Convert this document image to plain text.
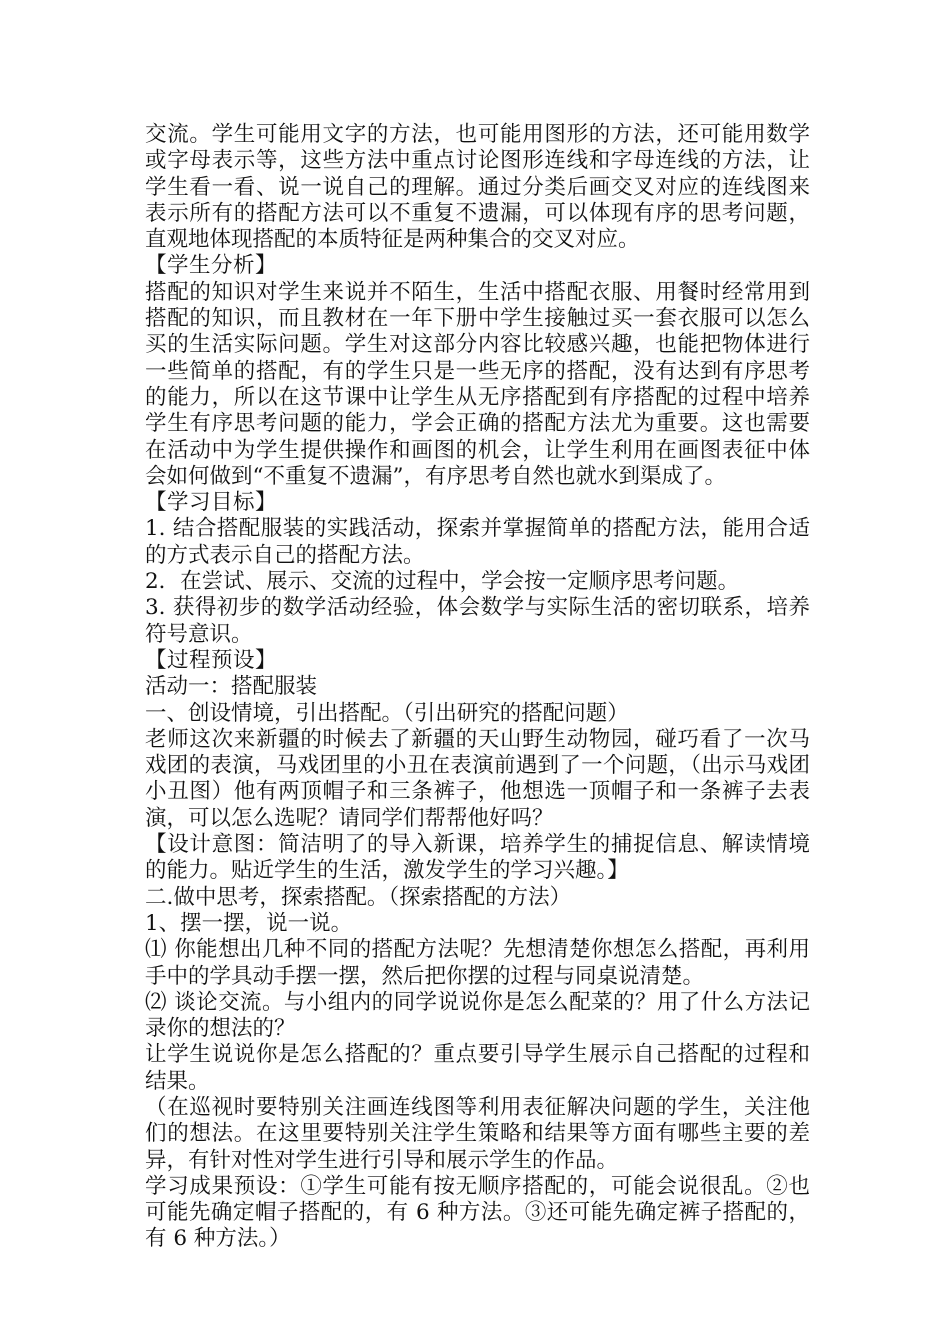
交流。学生可能用文字的方法，也可能用图形的方法，还可能用数学或字母表示等，这些方法中重点讨论图形连线和字母连线的方法，让学生看一看、说一说自己的理解。通过分类后画交叉对应的连线图来表示所有的搭配方法可以不重复不遗漏，可以体现有序的思考问题，直观地体现搭配的本质特征是两种集合的交叉对应。

【学生分析】

搭配的知识对学生来说并不陌生，生活中搭配衣服、用餐时经常用到搭配的知识，而且教材在一年下册中学生接触过买一套衣服可以怎么买的生活实际问题。学生对这部分内容比较感兴趣，也能把物体进行一些简单的搭配，有的学生只是一些无序的搭配，没有达到有序思考的能力，所以在这节课中让学生从无序搭配到有序搭配的过程中培养学生有序思考问题的能力，学会正确的搭配方法尤为重要。这也需要在活动中为学生提供操作和画图的机会，让学生利用在画图表征中体会如何做到“不重复不遗漏”，有序思考自然也就水到渠成了。

【学习目标】

1. 结合搭配服装的实践活动，探索并掌握简单的搭配方法，能用合适的方式表示自己的搭配方法。

2．在尝试、展示、交流的过程中，学会按一定顺序思考问题。

3. 获得初步的数学活动经验，体会数学与实际生活的密切联系，培养符号意识。

【过程预设】

活动一：搭配服装

一、创设情境，引出搭配。（引出研究的搭配问题）

老师这次来新疆的时候去了新疆的天山野生动物园，碰巧看了一次马戏团的表演，马戏团里的小丑在表演前遇到了一个问题，（出示马戏团小丑图）他有两顶帽子和三条裤子，他想选一顶帽子和一条裤子去表演，可以怎么选呢？请同学们帮帮他好吗？

【设计意图：简洁明了的导入新课，培养学生的捕捉信息、解读情境的能力。贴近学生的生活，激发学生的学习兴趣。】

二.做中思考，探索搭配。（探索搭配的方法）

1、摆一摆，说一说。

⑴ 你能想出几种不同的搭配方法呢？先想清楚你想怎么搭配，再利用手中的学具动手摆一摆，然后把你摆的过程与同桌说清楚。

⑵ 谈论交流。与小组内的同学说说你是怎么配菜的？用了什么方法记录你的想法的？

让学生说说你是怎么搭配的？重点要引导学生展示自己搭配的过程和结果。

（在巡视时要特别关注画连线图等利用表征解决问题的学生，关注他们的想法。在这里要特别关注学生策略和结果等方面有哪些主要的差异，有针对性对学生进行引导和展示学生的作品。

学习成果预设：①学生可能有按无顺序搭配的，可能会说很乱。②也可能先确定帽子搭配的，有 6 种方法。③还可能先确定裤子搭配的，有 6 种方法。）
